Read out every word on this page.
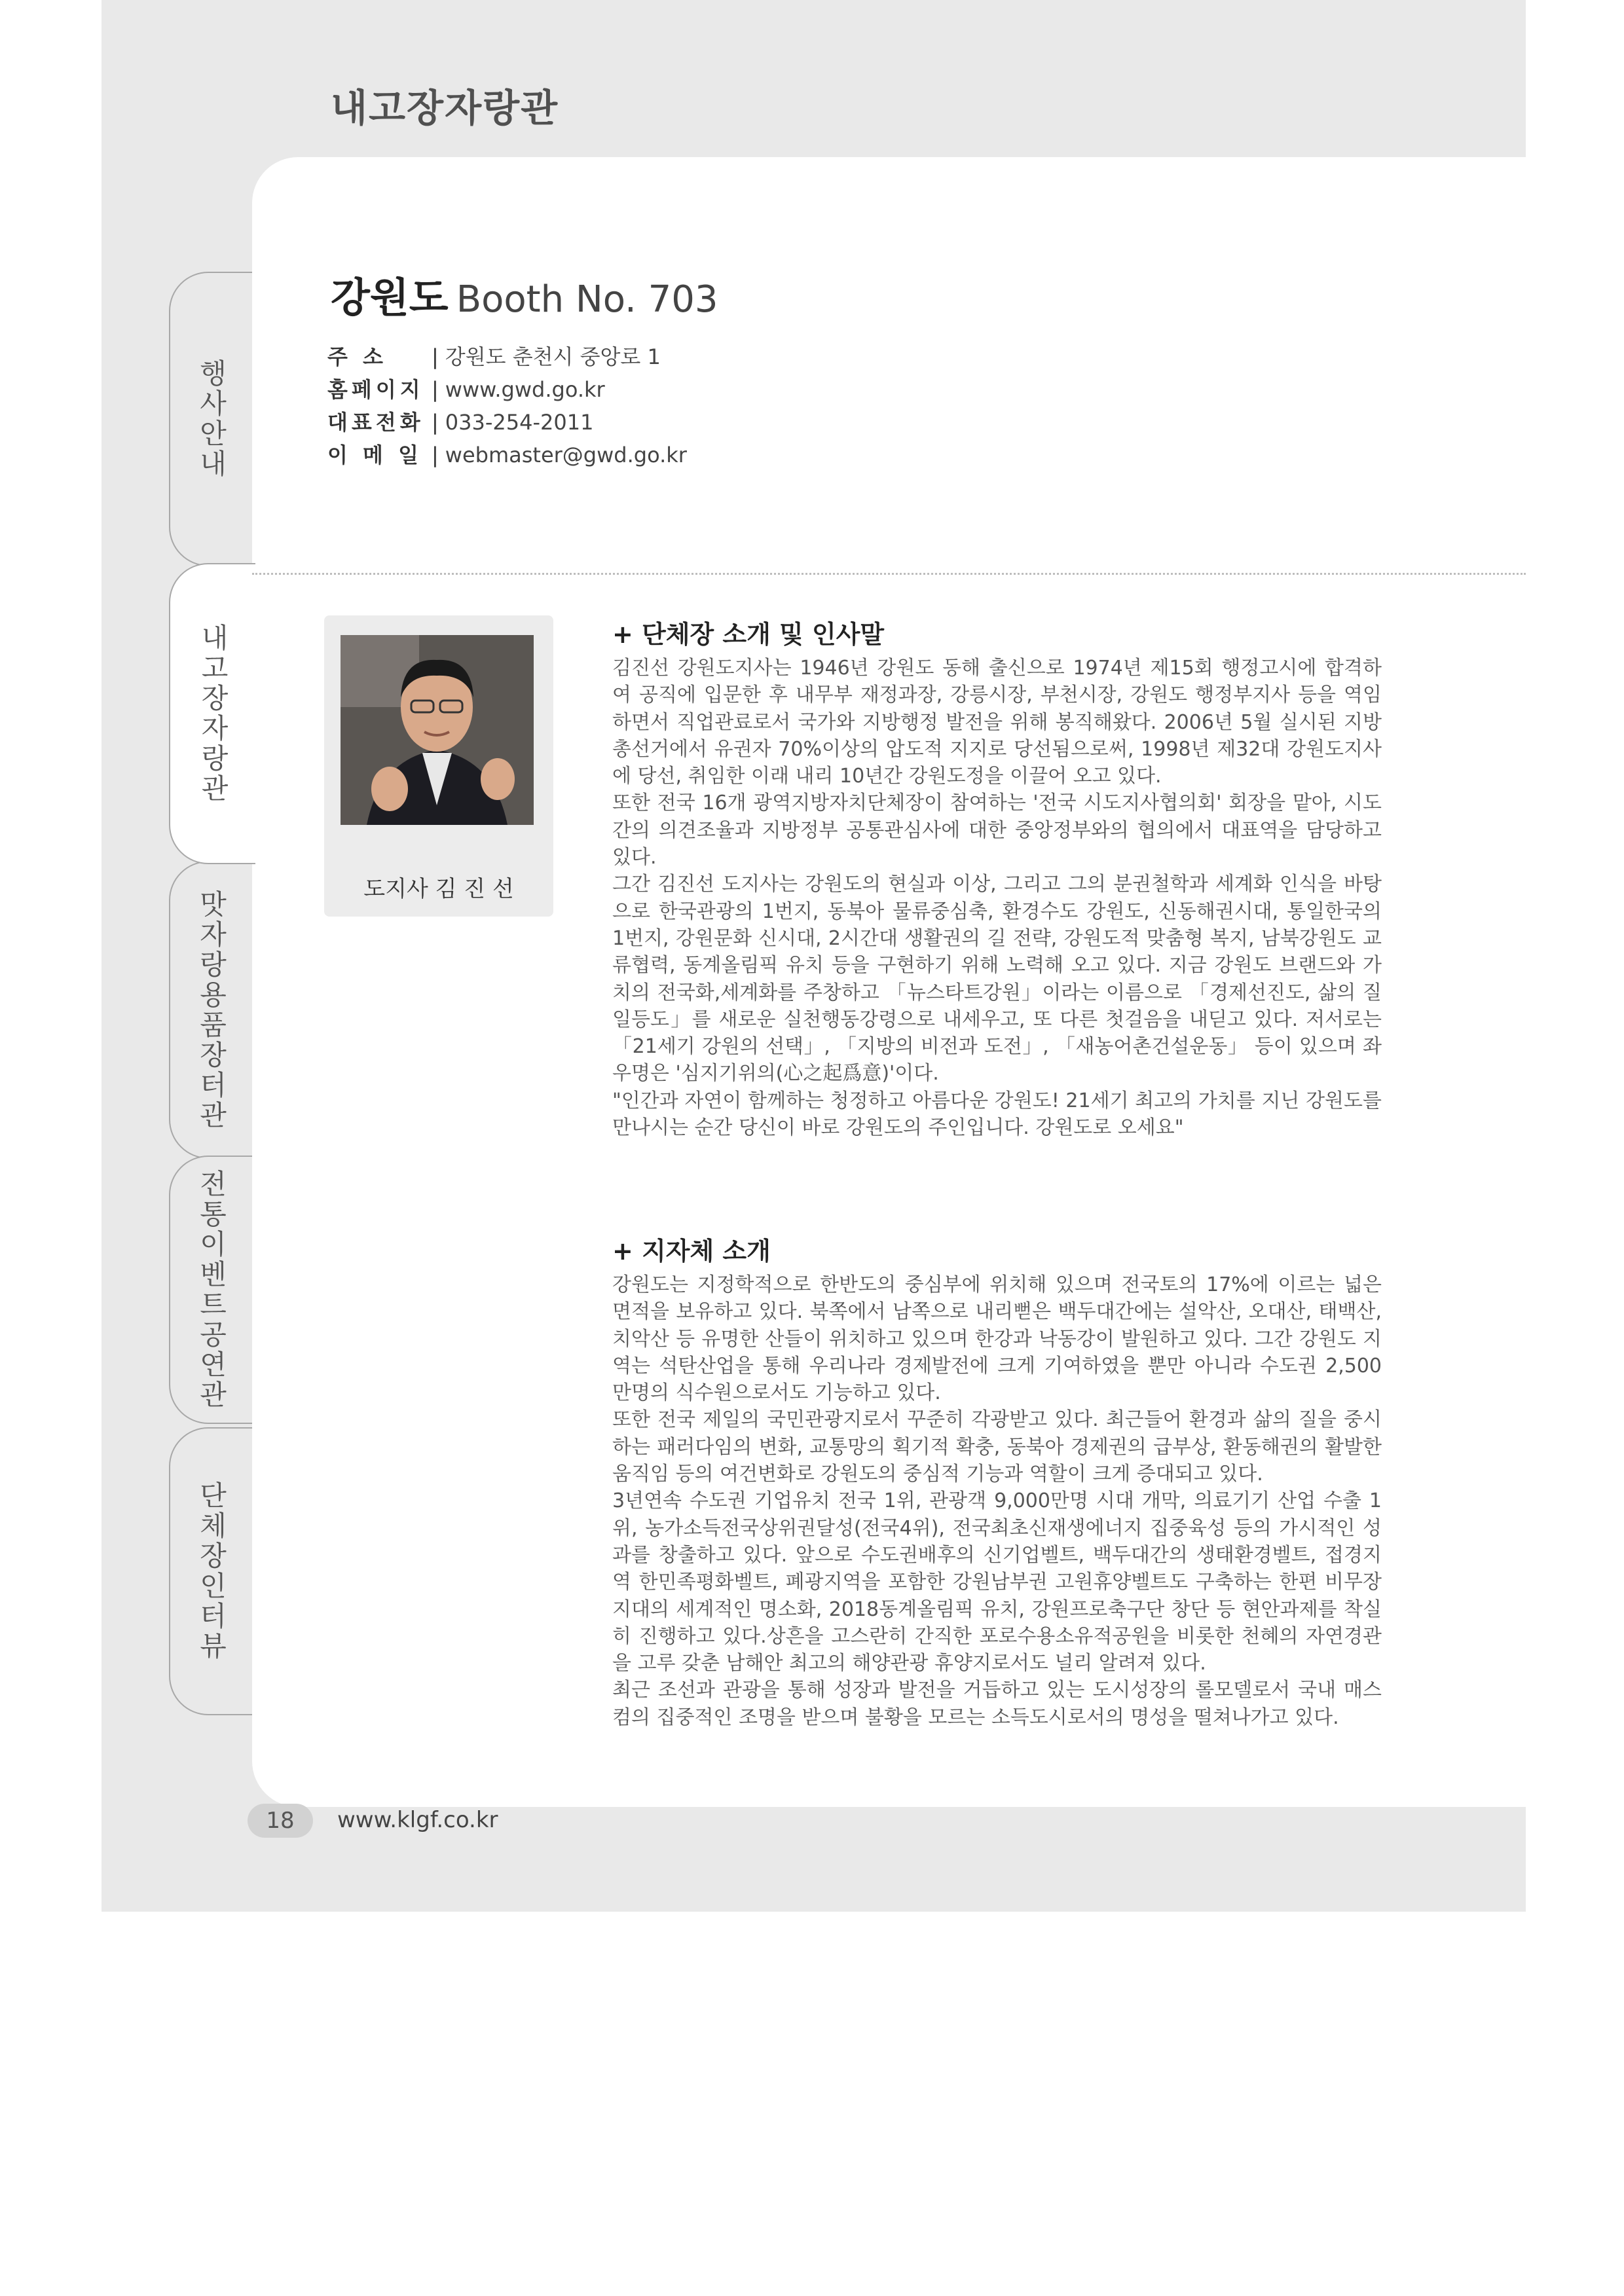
내고장자랑관
행사안내
맛자랑용품장터관
전통이벤트공연관
단체장인터뷰
내고장자랑관
강원도 Booth No. 703
주 소	| 강원도 춘천시 중앙로 1
홈페이지 | www.gwd.go.kr
대표전화 | 033-254-2011
이 메 일 | webmaster@gwd.go.kr
도지사 김 진 선
+ 단체장 소개 및 인사말

김진선 강원도지사는 1946년 강원도 동해 출신으로 1974년 제15회 행정고시에 합격하여 공직에 입문한 후 내무부 재정과장, 강릉시장, 부천시장, 강원도 행정부지사 등을 역임하면서 직업관료로서 국가와 지방행정 발전을 위해 봉직해왔다. 2006년 5월 실시된 지방총선거에서 유권자 70%이상의 압도적 지지로 당선됨으로써, 1998년 제32대 강원도지사에 당선, 취임한 이래 내리 10년간 강원도정을 이끌어 오고 있다.

또한 전국 16개 광역지방자치단체장이 참여하는 '전국 시도지사협의회' 회장을 맡아, 시도간의 의견조율과 지방정부 공통관심사에 대한 중앙정부와의 협의에서 대표역을 담당하고 있다.

그간 김진선 도지사는 강원도의 현실과 이상, 그리고 그의 분권철학과 세계화 인식을 바탕으로 한국관광의 1번지, 동북아 물류중심축, 환경수도 강원도, 신동해권시대, 통일한국의 1번지, 강원문화 신시대, 2시간대 생활권의 길 전략, 강원도적 맞춤형 복지, 남북강원도 교류협력, 동계올림픽 유치 등을 구현하기 위해 노력해 오고 있다. 지금 강원도 브랜드와 가치의 전국화,세계화를 주창하고 「뉴스타트강원」이라는 이름으로 「경제선진도, 삶의 질 일등도」를 새로운 실천행동강령으로 내세우고, 또 다른 첫걸음을 내딛고 있다. 저서로는 「21세기 강원의 선택」, 「지방의 비전과 도전」, 「새농어촌건설운동」 등이 있으며 좌우명은 '심지기위의(心之起爲意)'이다.

"인간과 자연이 함께하는 청정하고 아름다운 강원도! 21세기 최고의 가치를 지닌 강원도를 만나시는 순간 당신이 바로 강원도의 주인입니다. 강원도로 오세요"

+ 지자체 소개

강원도는 지정학적으로 한반도의 중심부에 위치해 있으며 전국토의 17%에 이르는 넓은 면적을 보유하고 있다. 북쪽에서 남쪽으로 내리뻗은 백두대간에는 설악산, 오대산, 태백산, 치악산 등 유명한 산들이 위치하고 있으며 한강과 낙동강이 발원하고 있다. 그간 강원도 지역는 석탄산업을 통해 우리나라 경제발전에 크게 기여하였을 뿐만 아니라 수도권 2,500 만명의 식수원으로서도 기능하고 있다.

또한 전국 제일의 국민관광지로서 꾸준히 각광받고 있다. 최근들어 환경과 삶의 질을 중시하는 패러다임의 변화, 교통망의 획기적 확충, 동북아 경제권의 급부상, 환동해권의 활발한 움직임 등의 여건변화로 강원도의 중심적 기능과 역할이 크게 증대되고 있다.

3년연속 수도권 기업유치 전국 1위, 관광객 9,000만명 시대 개막, 의료기기 산업 수출 1위, 농가소득전국상위권달성(전국4위), 전국최초신재생에너지 집중육성 등의 가시적인 성과를 창출하고 있다. 앞으로 수도권배후의 신기업벨트, 백두대간의 생태환경벨트, 접경지역 한민족평화벨트, 폐광지역을 포함한 강원남부권 고원휴양벨트도 구축하는 한편 비무장지대의 세계적인 명소화, 2018동계올림픽 유치, 강원프로축구단 창단 등 현안과제를 착실히 진행하고 있다.상흔을 고스란히 간직한 포로수용소유적공원을 비롯한 천혜의 자연경관을 고루 갖춘 남해안 최고의 해양관광 휴양지로서도 널리 알려져 있다.

최근 조선과 관광을 통해 성장과 발전을 거듭하고 있는 도시성장의 롤모델로서 국내 매스컴의 집중적인 조명을 받으며 불황을 모르는 소득도시로서의 명성을 떨쳐나가고 있다.

18	www.klgf.co.kr
